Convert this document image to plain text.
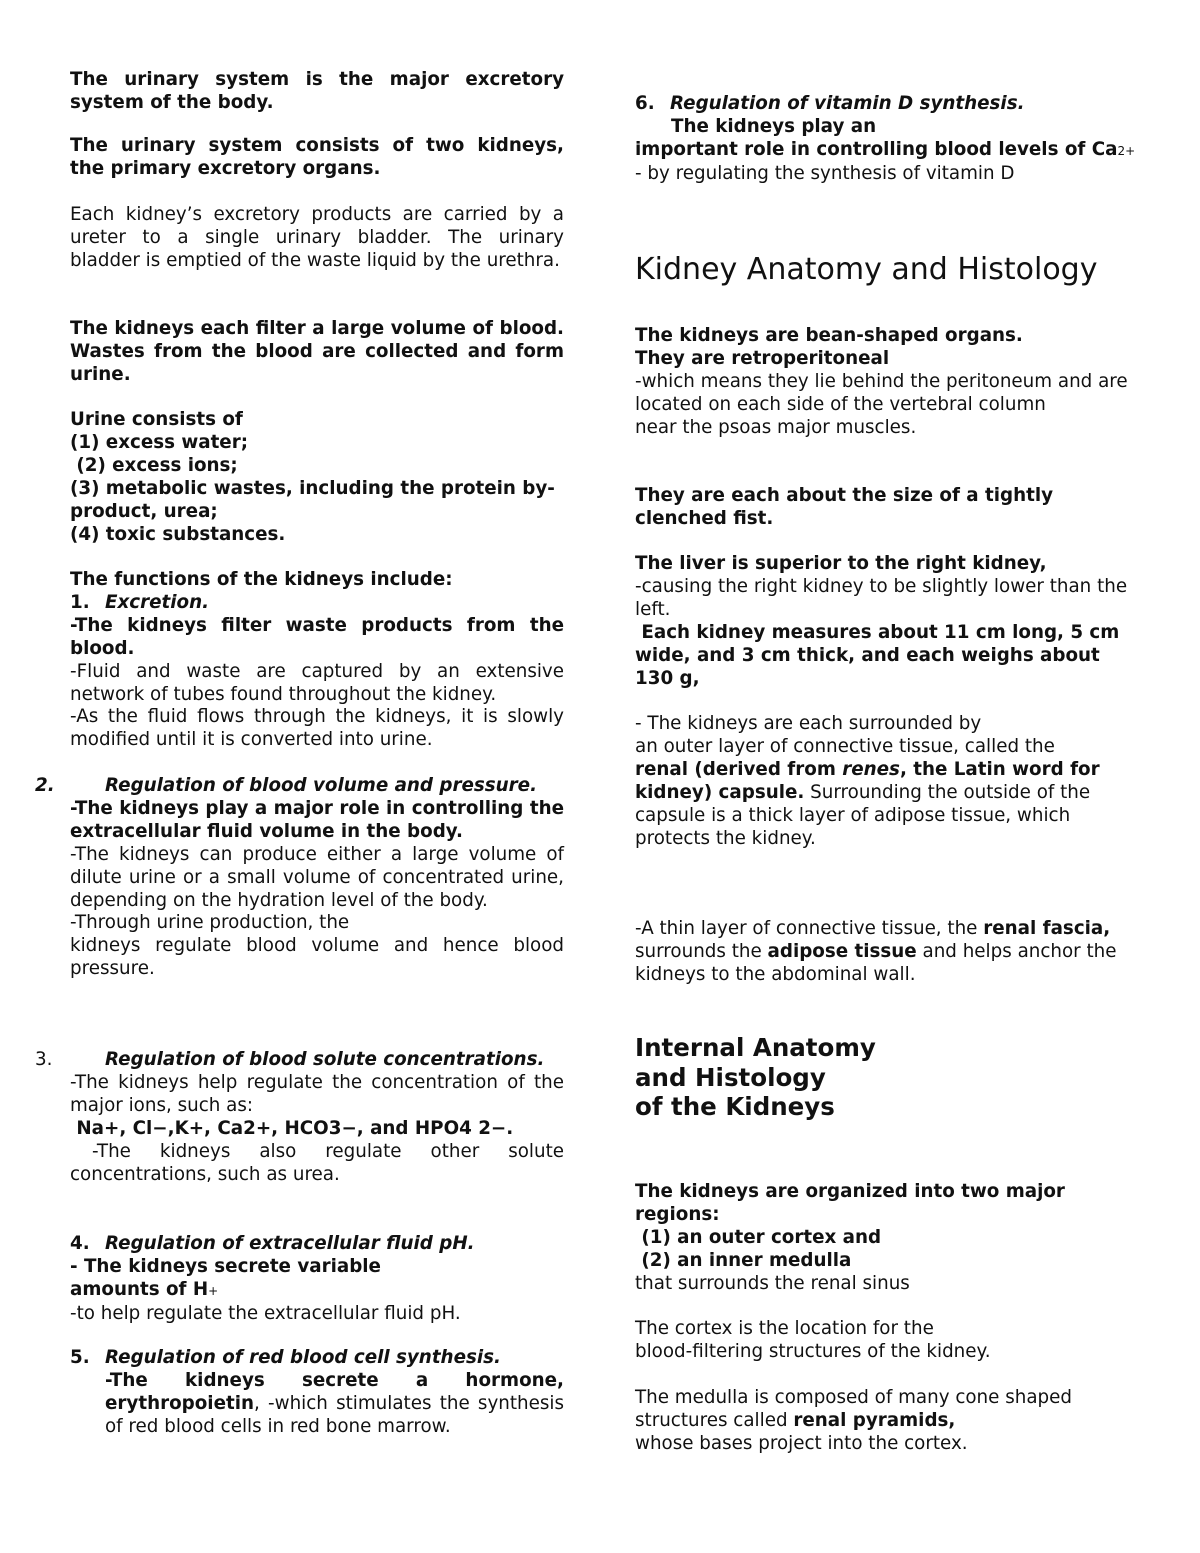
The urinary system is the major excretory system of the body.

The urinary system consists of two kidneys, the primary excretory organs.

Each kidney’s excretory products are carried by a ureter to a single urinary bladder. The urinary bladder is emptied of the waste liquid by the urethra.

The kidneys each filter a large volume of blood. Wastes from the blood are collected and form urine.

Urine consists of
(1) excess water;
(2) excess ions;
(3) metabolic wastes, including the protein by-product, urea;
(4) toxic substances.
The functions of the kidneys include:
1. Excretion.
-The kidneys filter waste products from the blood.
-Fluid and waste are captured by an extensive network of tubes found throughout the kidney.
-As the fluid flows through the kidneys, it is slowly modified until it is converted into urine.
2.	Regulation of blood volume and pressure.
-The kidneys play a major role in controlling the extracellular fluid volume in the body.
-The kidneys can produce either a large volume of dilute urine or a small volume of concentrated urine, depending on the hydration level of the body.
-Through urine production, the
kidneys regulate blood volume and hence blood pressure.
3.	Regulation of blood solute concentrations.
-The kidneys help regulate the concentration of the major ions, such as:
Na+, Cl−,K+, Ca2+, HCO3−, and HPO4 2−.
-The kidneys also regulate other solute concentrations, such as urea.
4. Regulation of extracellular fluid pH.
- The kidneys secrete variable
amounts of H+
-to help regulate the extracellular fluid pH.
5. Regulation of red blood cell synthesis.
-The kidneys secrete a hormone, erythropoietin, -which stimulates the synthesis of red blood cells in red bone marrow.
6. Regulation of vitamin D synthesis.
The kidneys play an
important role in controlling blood levels of Ca2+
- by regulating the synthesis of vitamin D
Kidney Anatomy and Histology
The kidneys are bean-shaped organs.
They are retroperitoneal
-which means they lie behind the peritoneum and are located on each side of the vertebral column
near the psoas major muscles.
They are each about the size of a tightly clenched fist.
The liver is superior to the right kidney,
-causing the right kidney to be slightly lower than the left.
Each kidney measures about 11 cm long, 5 cm wide, and 3 cm thick, and each weighs about 130 g,
- The kidneys are each surrounded by
an outer layer of connective tissue, called the
renal (derived from renes, the Latin word for kidney) capsule. Surrounding the outside of the capsule is a thick layer of adipose tissue, which protects the kidney.
-A thin layer of connective tissue, the renal fascia, surrounds the adipose tissue and helps anchor the kidneys to the abdominal wall.
Internal Anatomy
and Histology
of the Kidneys
The kidneys are organized into two major regions:
(1) an outer cortex and
(2) an inner medulla
that surrounds the renal sinus
The cortex is the location for the
blood-filtering structures of the kidney.
The medulla is composed of many cone shaped
structures called renal pyramids,
whose bases project into the cortex.
